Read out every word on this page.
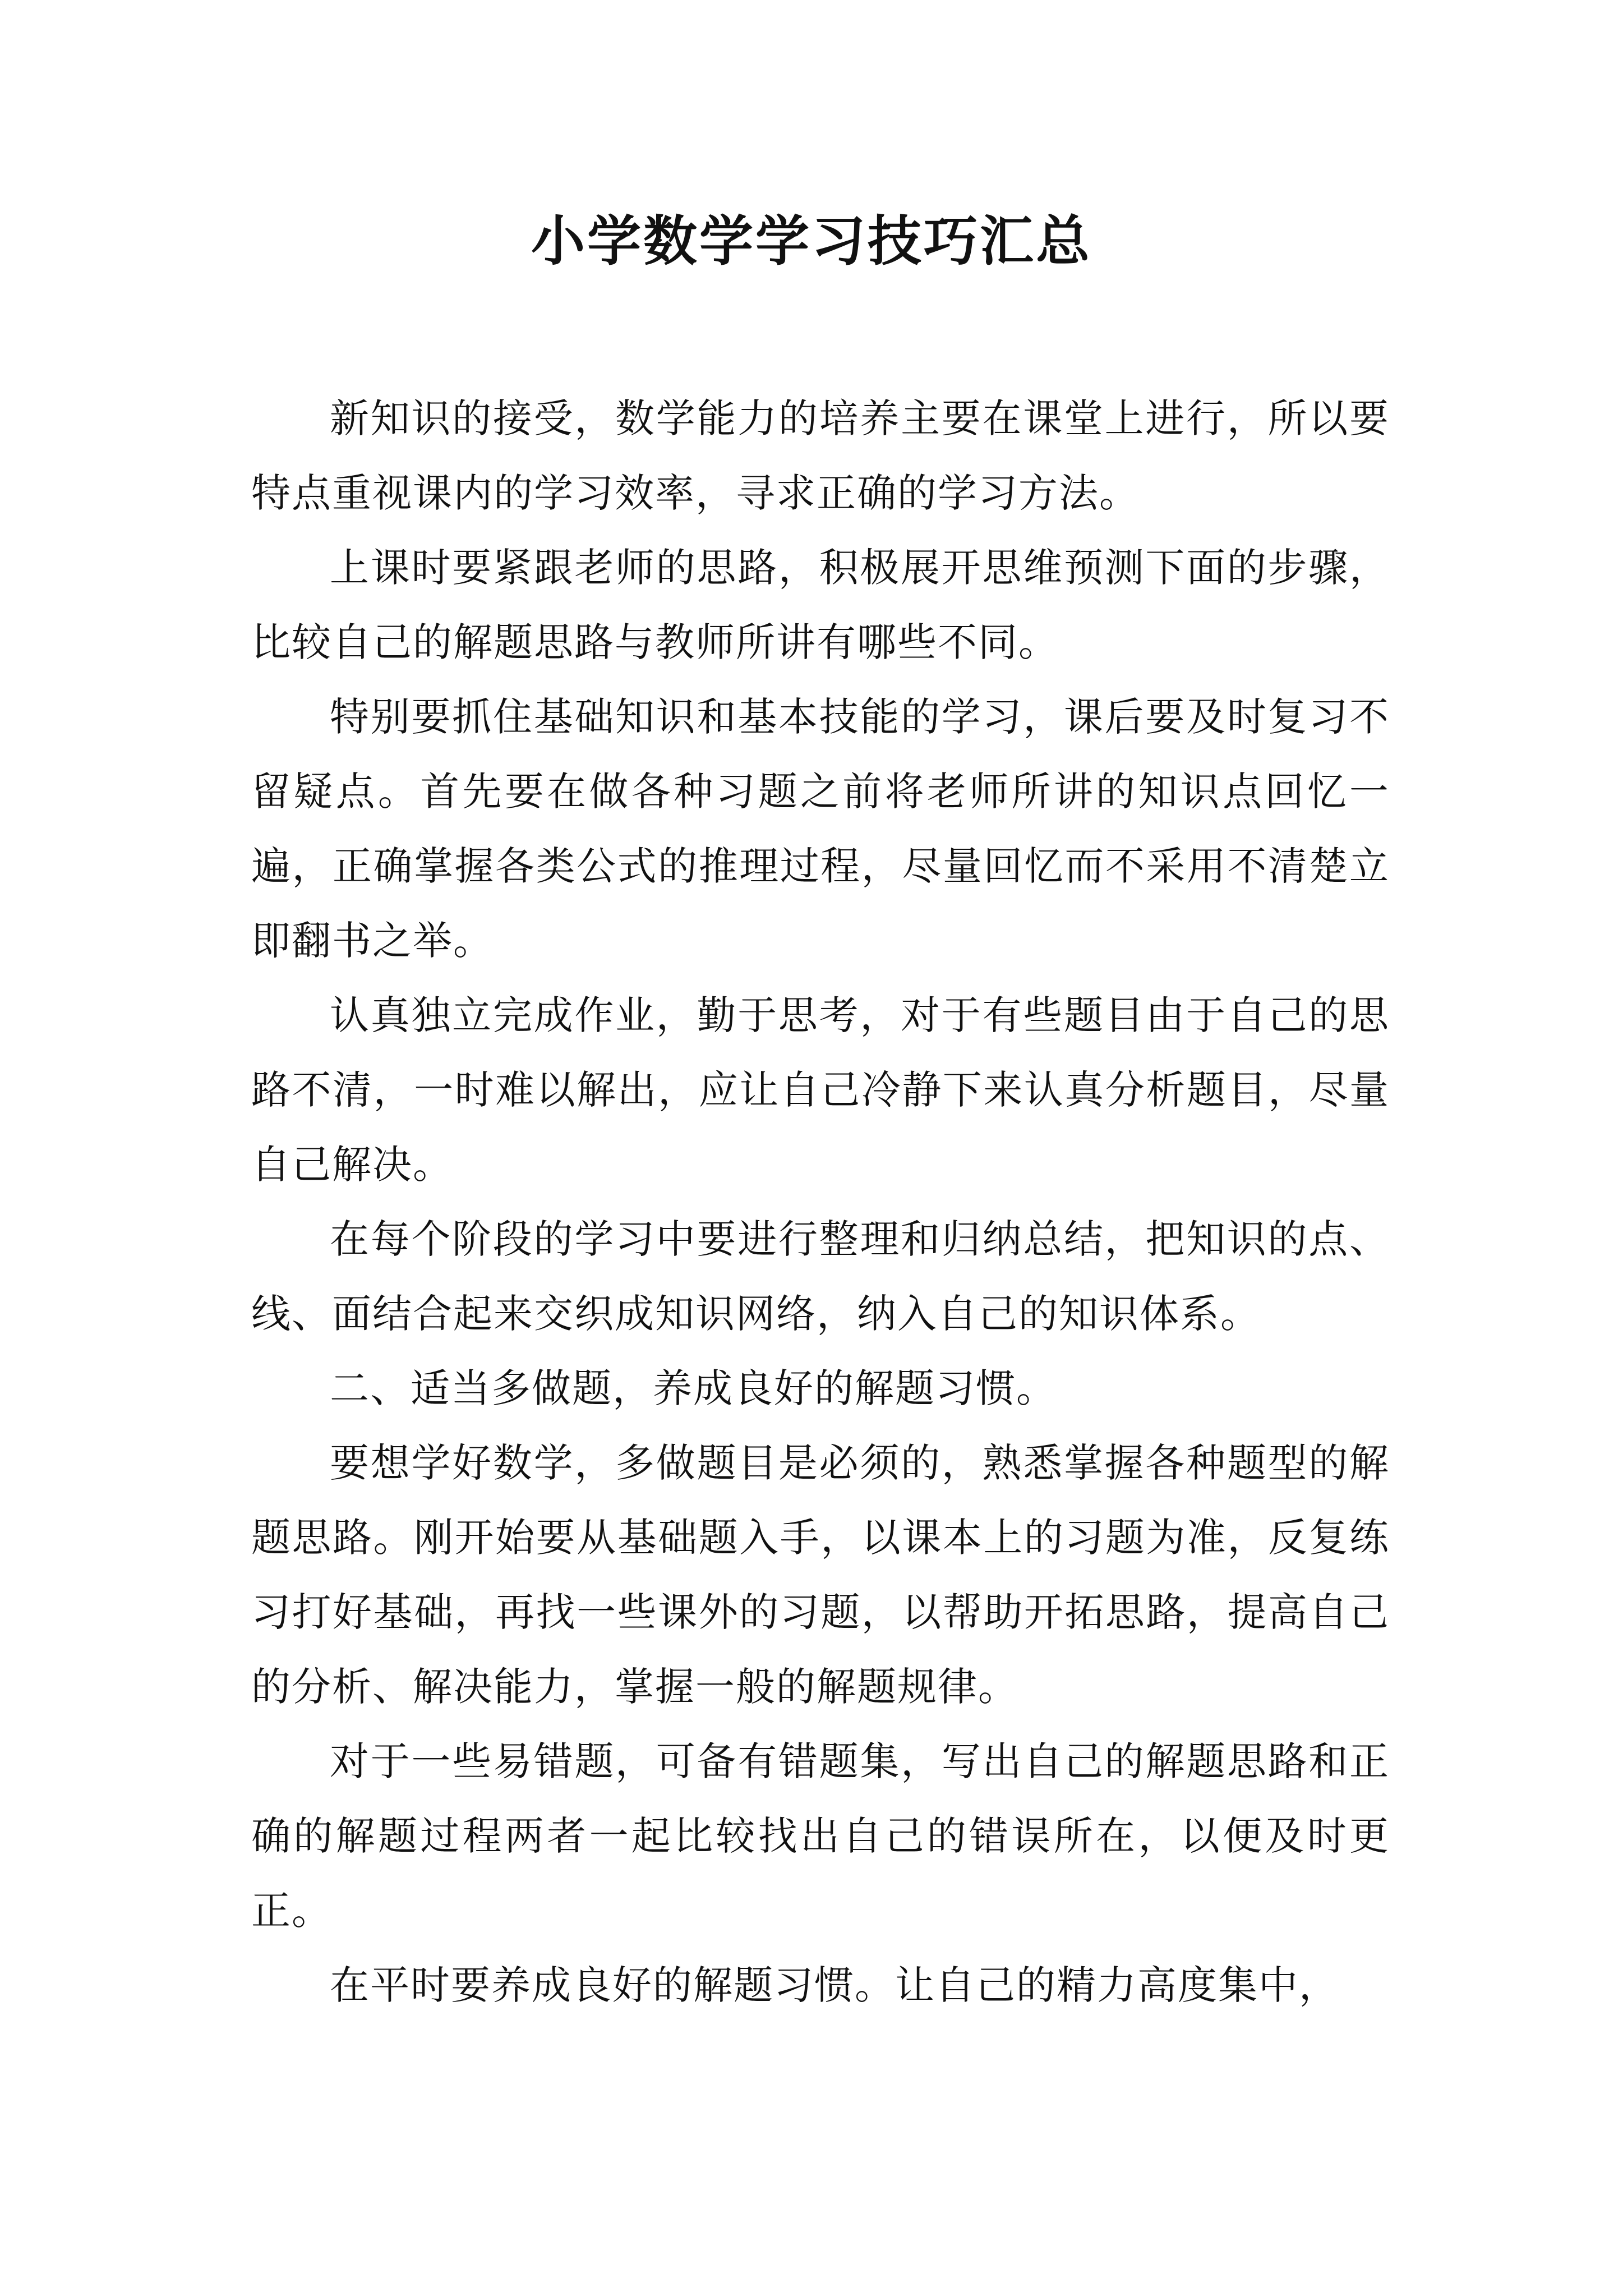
小学数学学习技巧汇总

新知识的接受，数学能力的培养主要在课堂上进行，所以要特点重视课内的学习效率，寻求正确的学习方法。

上课时要紧跟老师的思路，积极展开思维预测下面的步骤，比较自己的解题思路与教师所讲有哪些不同。

特别要抓住基础知识和基本技能的学习，课后要及时复习不留疑点。首先要在做各种习题之前将老师所讲的知识点回忆一遍，正确掌握各类公式的推理过程，尽量回忆而不采用不清楚立即翻书之举。

认真独立完成作业，勤于思考，对于有些题目由于自己的思路不清，一时难以解出，应让自己冷静下来认真分析题目，尽量自己解决。

在每个阶段的学习中要进行整理和归纳总结，把知识的点、线、面结合起来交织成知识网络，纳入自己的知识体系。

二、适当多做题，养成良好的解题习惯。

要想学好数学，多做题目是必须的，熟悉掌握各种题型的解题思路。刚开始要从基础题入手，以课本上的习题为准，反复练习打好基础，再找一些课外的习题，以帮助开拓思路，提高自己的分析、解决能力，掌握一般的解题规律。

对于一些易错题，可备有错题集，写出自己的解题思路和正确的解题过程两者一起比较找出自己的错误所在，以便及时更正。

在平时要养成良好的解题习惯。让自己的精力高度集中，
